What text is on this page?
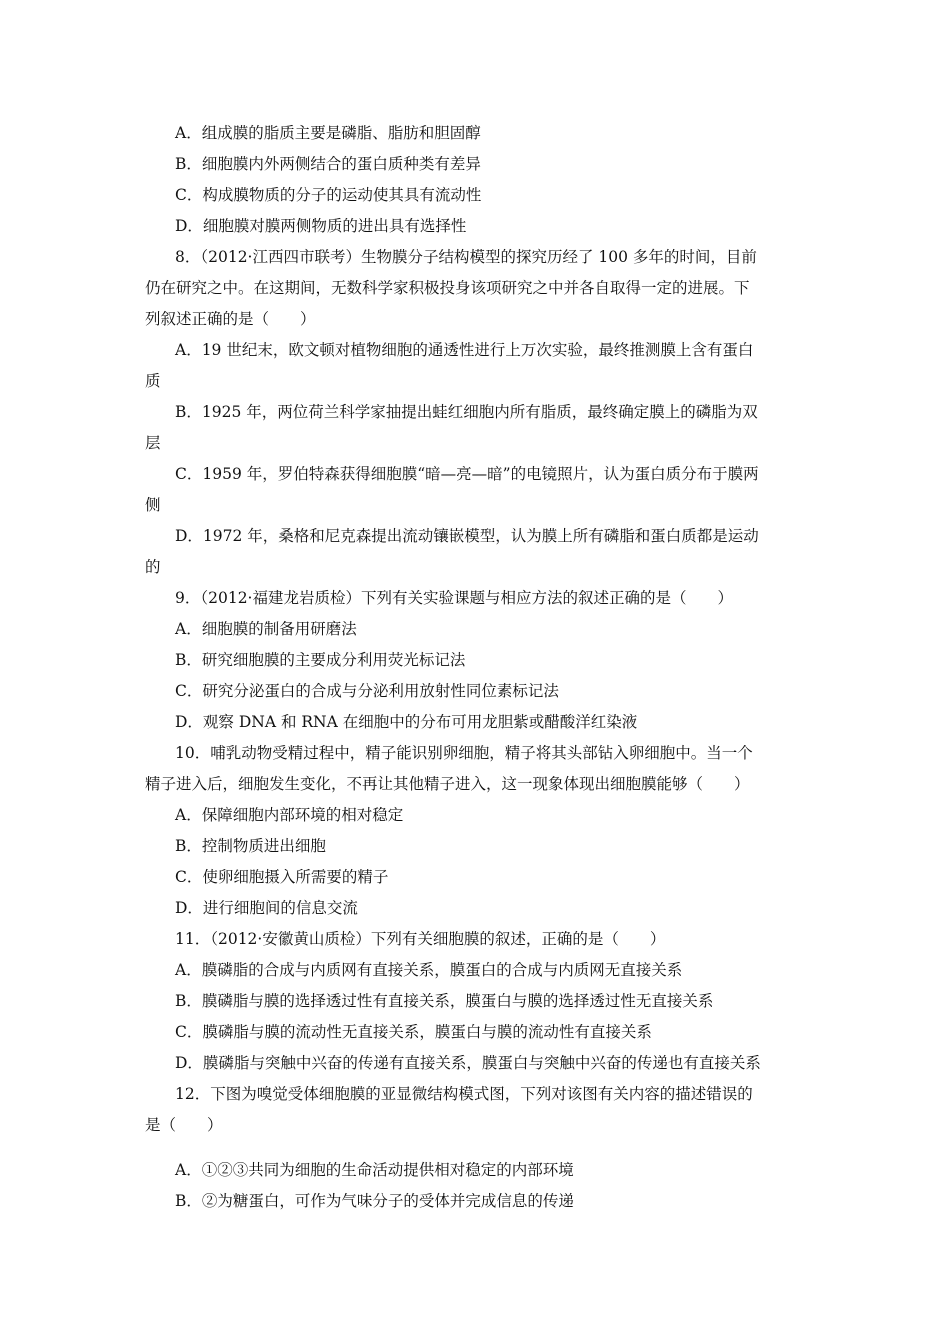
A．组成膜的脂质主要是磷脂、脂肪和胆固醇
B．细胞膜内外两侧结合的蛋白质种类有差异
C．构成膜物质的分子的运动使其具有流动性
D．细胞膜对膜两侧物质的进出具有选择性
8．（2012·江西四市联考）生物膜分子结构模型的探究历经了 100 多年的时间，目前
仍在研究之中。在这期间，无数科学家积极投身该项研究之中并各自取得一定的进展。下
列叙述正确的是（　　）
A．19 世纪末，欧文顿对植物细胞的通透性进行上万次实验，最终推测膜上含有蛋白
质
B．1925 年，两位荷兰科学家抽提出蛙红细胞内所有脂质，最终确定膜上的磷脂为双
层
C．1959 年，罗伯特森获得细胞膜“暗—亮—暗”的电镜照片，认为蛋白质分布于膜两
侧
D．1972 年，桑格和尼克森提出流动镶嵌模型，认为膜上所有磷脂和蛋白质都是运动
的
9．（2012·福建龙岩质检）下列有关实验课题与相应方法的叙述正确的是（　　）
A．细胞膜的制备用研磨法
B．研究细胞膜的主要成分利用荧光标记法
C．研究分泌蛋白的合成与分泌利用放射性同位素标记法
D．观察 DNA 和 RNA 在细胞中的分布可用龙胆紫或醋酸洋红染液
10．哺乳动物受精过程中，精子能识别卵细胞，精子将其头部钻入卵细胞中。当一个
精子进入后，细胞发生变化，不再让其他精子进入，这一现象体现出细胞膜能够（　　）
A．保障细胞内部环境的相对稳定
B．控制物质进出细胞
C．使卵细胞摄入所需要的精子
D．进行细胞间的信息交流
11．（2012·安徽黄山质检）下列有关细胞膜的叙述，正确的是（　　）
A．膜磷脂的合成与内质网有直接关系，膜蛋白的合成与内质网无直接关系
B．膜磷脂与膜的选择透过性有直接关系，膜蛋白与膜的选择透过性无直接关系
C．膜磷脂与膜的流动性无直接关系，膜蛋白与膜的流动性有直接关系
D．膜磷脂与突触中兴奋的传递有直接关系，膜蛋白与突触中兴奋的传递也有直接关系
12．下图为嗅觉受体细胞膜的亚显微结构模式图，下列对该图有关内容的描述错误的
是（　　）
A．①②③共同为细胞的生命活动提供相对稳定的内部环境
B．②为糖蛋白，可作为气味分子的受体并完成信息的传递
